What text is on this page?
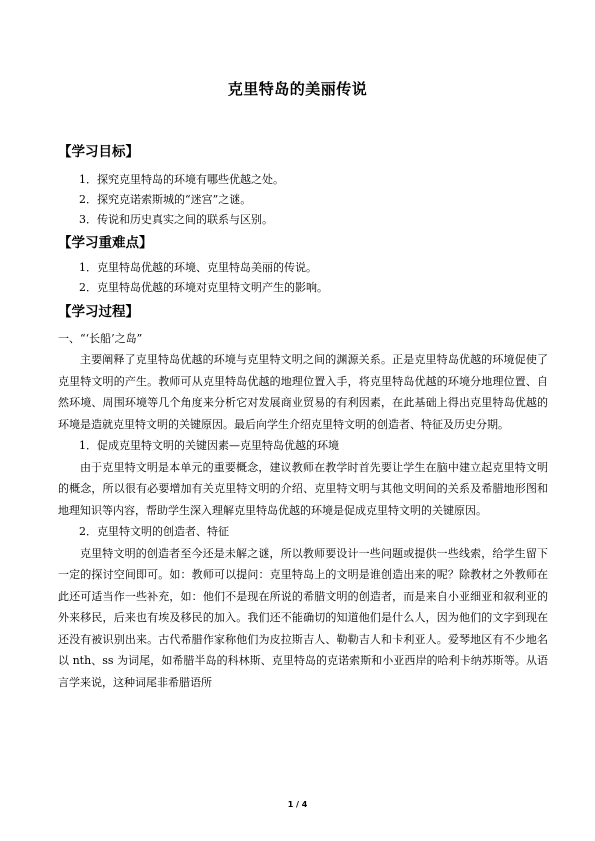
克里特岛的美丽传说
【学习目标】
1．探究克里特岛的环境有哪些优越之处。
2．探究克诺索斯城的“迷宫”之谜。
3．传说和历史真实之间的联系与区别。
【学习重难点】
1．克里特岛优越的环境、克里特岛美丽的传说。
2．克里特岛优越的环境对克里特文明产生的影响。
【学习过程】
一、“‘长船’之岛”

主要阐释了克里特岛优越的环境与克里特文明之间的渊源关系。正是克里特岛优越的环境促使了克里特文明的产生。教师可从克里特岛优越的地理位置入手，将克里特岛优越的环境分地理位置、自然环境、周围环境等几个角度来分析它对发展商业贸易的有利因素，在此基础上得出克里特岛优越的环境是造就克里特文明的关键原因。最后向学生介绍克里特文明的创造者、特征及历史分期。

1．促成克里特文明的关键因素—克里特岛优越的环境

由于克里特文明是本单元的重要概念，建议教师在教学时首先要让学生在脑中建立起克里特文明的概念，所以很有必要增加有关克里特文明的介绍、克里特文明与其他文明间的关系及希腊地形图和地理知识等内容，帮助学生深入理解克里特岛优越的环境是促成克里特文明的关键原因。

2．克里特文明的创造者、特征

克里特文明的创造者至今还是未解之谜，所以教师要设计一些问题或提供一些线索，给学生留下一定的探讨空间即可。如：教师可以提问：克里特岛上的文明是谁创造出来的呢？除教材之外教师在此还可适当作一些补充，如：他们不是现在所说的希腊文明的创造者，而是来自小亚细亚和叙利亚的外来移民，后来也有埃及移民的加入。我们还不能确切的知道他们是什么人，因为他们的文字到现在还没有被识别出来。古代希腊作家称他们为皮拉斯吉人、勒勒吉人和卡利亚人。爱琴地区有不少地名以 nth、ss 为词尾，如希腊半岛的科林斯、克里特岛的克诺索斯和小亚西岸的哈利卡纳苏斯等。从语言学来说，这种词尾非希腊语所

1 / 4
